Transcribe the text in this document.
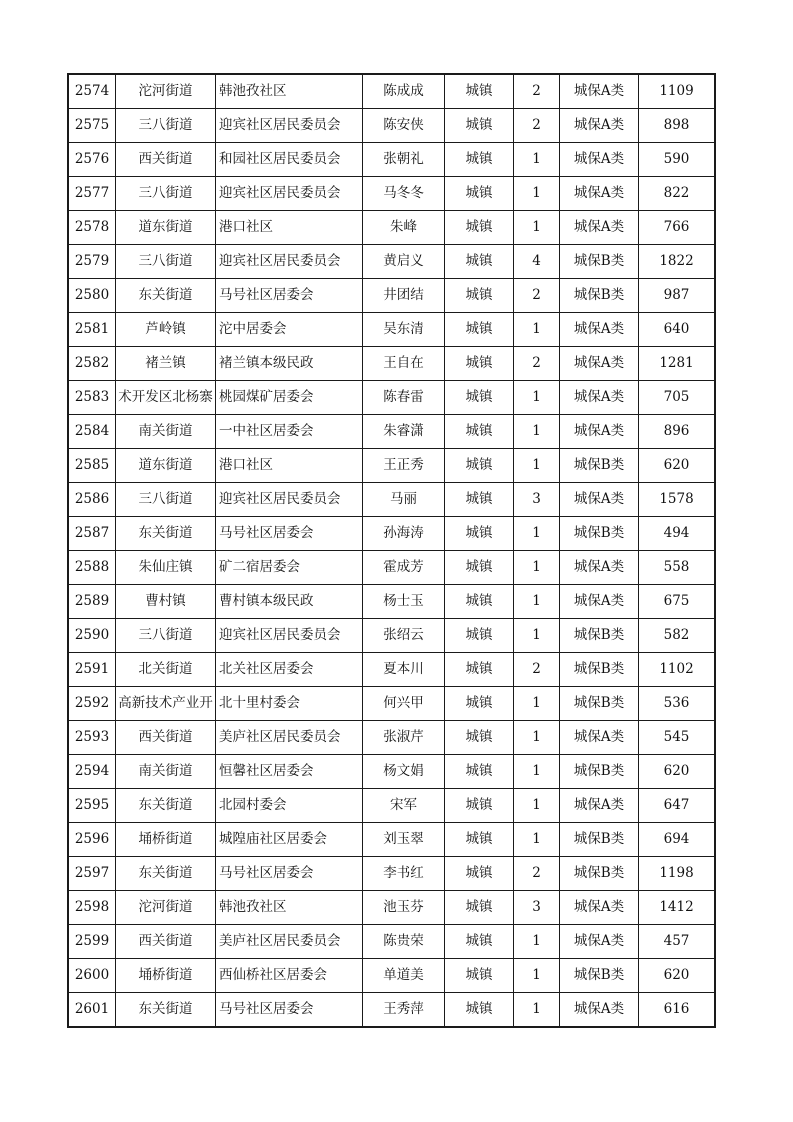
2574	沱河街道	韩池孜社区	陈成成	城镇	2	城保A类	1109
2575	三八街道	迎宾社区居民委员会	陈安侠	城镇	2	城保A类	898
2576	西关街道	和园社区居民委员会	张朝礼	城镇	1	城保A类	590
2577	三八街道	迎宾社区居民委员会	马冬冬	城镇	1	城保A类	822
2578	道东街道	港口社区	朱峰	城镇	1	城保A类	766
2579	三八街道	迎宾社区居民委员会	黄启义	城镇	4	城保B类	1822
2580	东关街道	马号社区居委会	井团结	城镇	2	城保B类	987
2581	芦岭镇	沱中居委会	吴东清	城镇	1	城保A类	640
2582	褚兰镇	褚兰镇本级民政	王自在	城镇	2	城保A类	1281
2583	术开发区北杨寨	桃园煤矿居委会	陈春雷	城镇	1	城保A类	705
2584	南关街道	一中社区居委会	朱睿潇	城镇	1	城保A类	896
2585	道东街道	港口社区	王正秀	城镇	1	城保B类	620
2586	三八街道	迎宾社区居民委员会	马丽	城镇	3	城保A类	1578
2587	东关街道	马号社区居委会	孙海涛	城镇	1	城保B类	494
2588	朱仙庄镇	矿二宿居委会	霍成芳	城镇	1	城保A类	558
2589	曹村镇	曹村镇本级民政	杨士玉	城镇	1	城保A类	675
2590	三八街道	迎宾社区居民委员会	张绍云	城镇	1	城保B类	582
2591	北关街道	北关社区居委会	夏本川	城镇	2	城保B类	1102
2592	高新技术产业开	北十里村委会	何兴甲	城镇	1	城保B类	536
2593	西关街道	美庐社区居民委员会	张淑芹	城镇	1	城保A类	545
2594	南关街道	恒馨社区居委会	杨文娟	城镇	1	城保B类	620
2595	东关街道	北园村委会	宋军	城镇	1	城保A类	647
2596	埇桥街道	城隍庙社区居委会	刘玉翠	城镇	1	城保B类	694
2597	东关街道	马号社区居委会	李书红	城镇	2	城保B类	1198
2598	沱河街道	韩池孜社区	池玉芬	城镇	3	城保A类	1412
2599	西关街道	美庐社区居民委员会	陈贵荣	城镇	1	城保A类	457
2600	埇桥街道	西仙桥社区居委会	单道美	城镇	1	城保B类	620
2601	东关街道	马号社区居委会	王秀萍	城镇	1	城保A类	616
